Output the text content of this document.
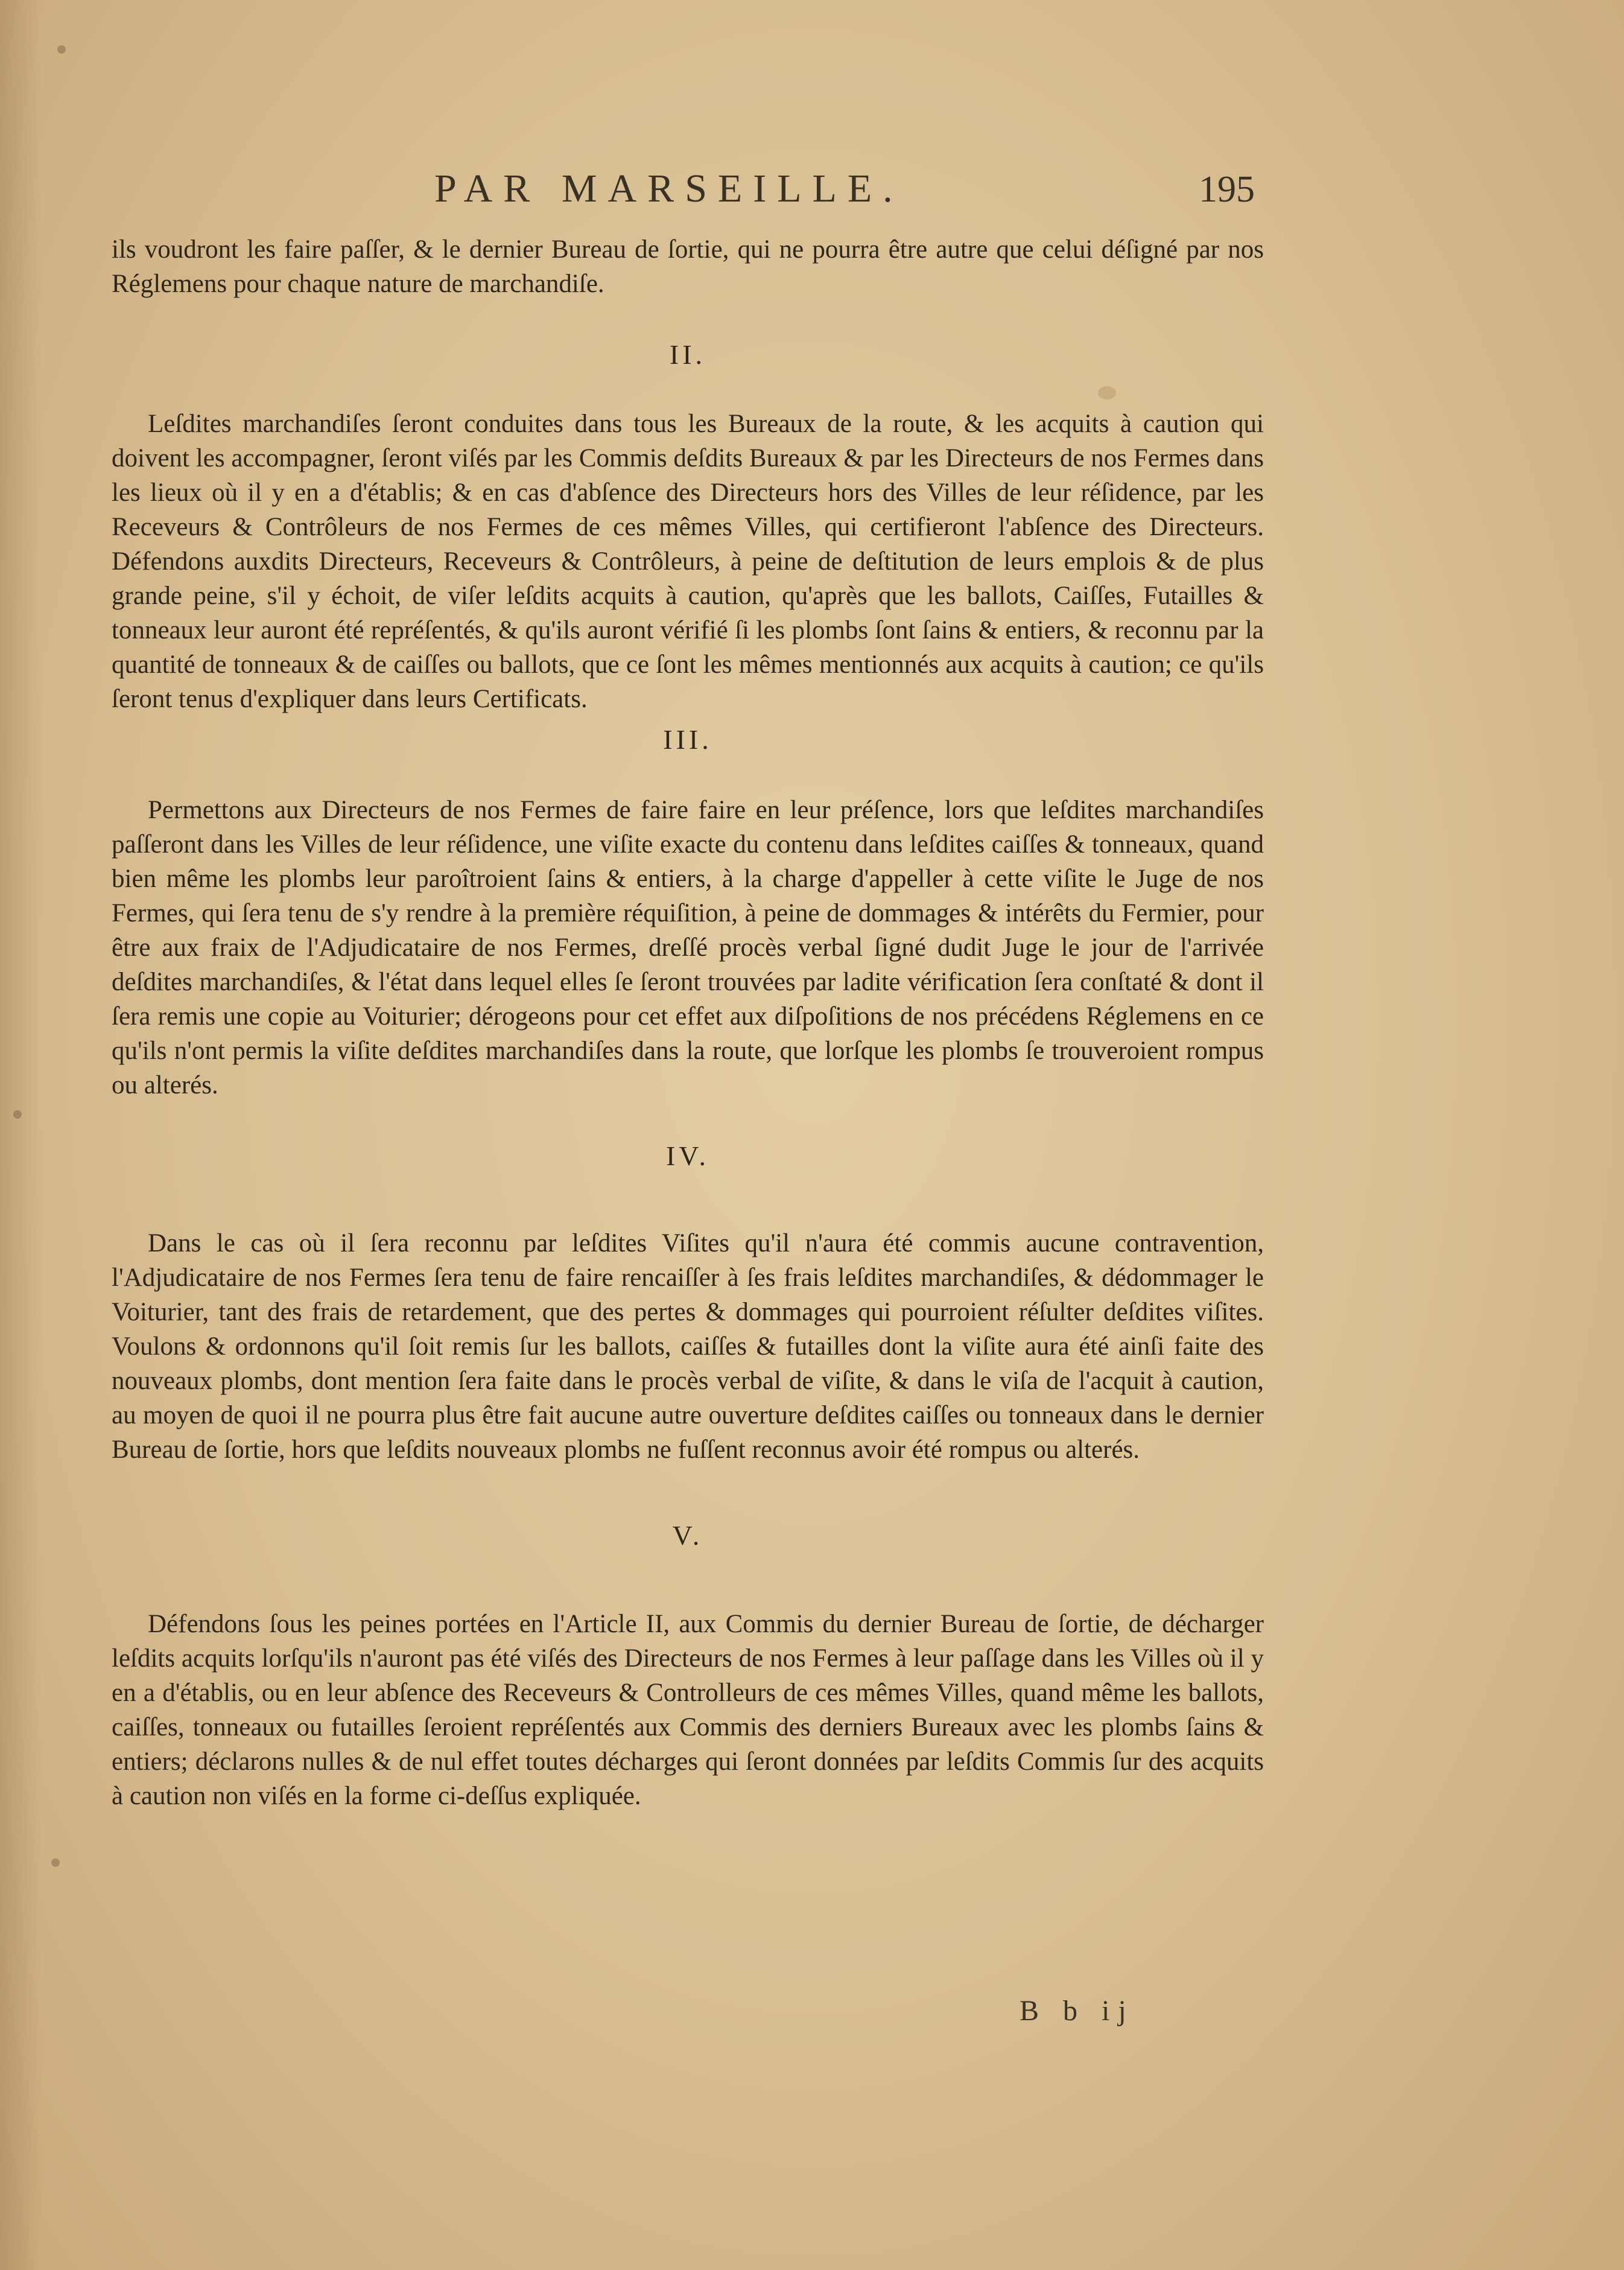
PAR MARSEILLE.	195

ils voudront les faire paſſer, & le dernier Bureau de ſortie, qui ne pourra être autre que celui déſigné par nos Réglemens pour chaque nature de marchandiſe.

II.

Leſdites marchandiſes ſeront conduites dans tous les Bureaux de la route, & les acquits à caution qui doivent les accompagner, ſeront viſés par les Commis deſdits Bureaux & par les Directeurs de nos Fermes dans les lieux où il y en a d'établis; & en cas d'abſence des Directeurs hors des Villes de leur réſidence, par les Receveurs & Contrôleurs de nos Fermes de ces mêmes Villes, qui certifieront l'abſence des Directeurs. Défendons auxdits Directeurs, Receveurs & Contrôleurs, à peine de deſtitution de leurs emplois & de plus grande peine, s'il y échoit, de viſer leſdits acquits à caution, qu'après que les ballots, Caiſſes, Futailles & tonneaux leur auront été repréſentés, & qu'ils auront vérifié ſi les plombs ſont ſains & entiers, & reconnu par la quantité de tonneaux & de caiſſes ou ballots, que ce ſont les mêmes mentionnés aux acquits à caution; ce qu'ils ſeront tenus d'expliquer dans leurs Certificats.

III.

Permettons aux Directeurs de nos Fermes de faire faire en leur préſence, lors que leſdites marchandiſes paſſeront dans les Villes de leur réſidence, une viſite exacte du contenu dans leſdites caiſſes & tonneaux, quand bien même les plombs leur paroîtroient ſains & entiers, à la charge d'appeller à cette viſite le Juge de nos Fermes, qui ſera tenu de s'y rendre à la première réquiſition, à peine de dommages & intérêts du Fermier, pour être aux fraix de l'Adjudicataire de nos Fermes, dreſſé procès verbal ſigné dudit Juge le jour de l'arrivée deſdites marchandiſes, & l'état dans lequel elles ſe ſeront trouvées par ladite vérification ſera conſtaté & dont il ſera remis une copie au Voiturier; dérogeons pour cet effet aux diſpoſitions de nos précédens Réglemens en ce qu'ils n'ont permis la viſite deſdites marchandiſes dans la route, que lorſque les plombs ſe trouveroient rompus ou alterés.

IV.

Dans le cas où il ſera reconnu par leſdites Viſites qu'il n'aura été commis aucune contravention, l'Adjudicataire de nos Fermes ſera tenu de faire rencaiſſer à ſes frais leſdites marchandiſes, & dédommager le Voiturier, tant des frais de retardement, que des pertes & dommages qui pourroient réſulter deſdites viſites. Voulons & ordonnons qu'il ſoit remis ſur les ballots, caiſſes & futailles dont la viſite aura été ainſi faite des nouveaux plombs, dont mention ſera faite dans le procès verbal de viſite, & dans le viſa de l'acquit à caution, au moyen de quoi il ne pourra plus être fait aucune autre ouverture deſdites caiſſes ou tonneaux dans le dernier Bureau de ſortie, hors que leſdits nouveaux plombs ne fuſſent reconnus avoir été rompus ou alterés.

V.

Défendons ſous les peines portées en l'Article II, aux Commis du dernier Bureau de ſortie, de décharger leſdits acquits lorſqu'ils n'auront pas été viſés des Directeurs de nos Fermes à leur paſſage dans les Villes où il y en a d'établis, ou en leur abſence des Receveurs & Controlleurs de ces mêmes Villes, quand même les ballots, caiſſes, tonneaux ou futailles ſeroient repréſentés aux Commis des derniers Bureaux avec les plombs ſains & entiers; déclarons nulles & de nul effet toutes décharges qui ſeront données par leſdits Commis ſur des acquits à caution non viſés en la forme ci-deſſus expliquée.

B b ij
